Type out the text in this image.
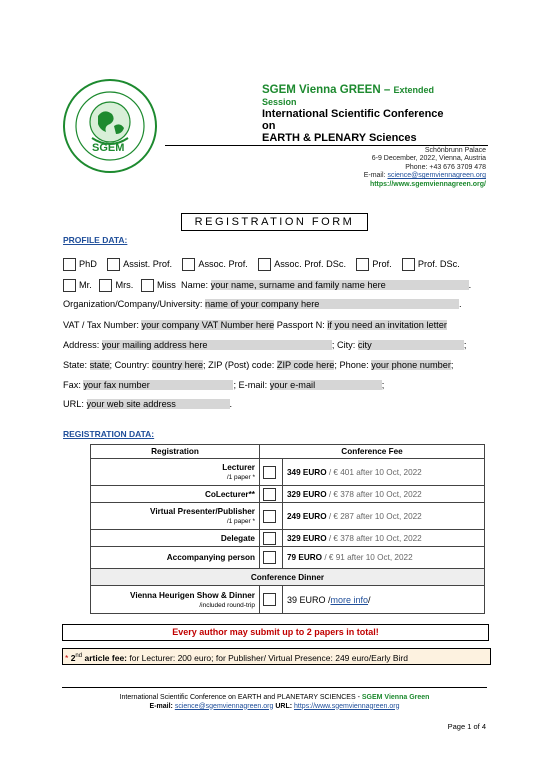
SGEM
SGEM Vienna GREEN – Extended
Session
International Scientific Conference
on
EARTH & PLENARY Sciences
Schönbrunn Palace
6-9 December, 2022, Vienna, Austria
Phone: +43 676 3709 478
E-mail: science@sgemviennagreen.org
https://www.sgemviennagreen.org/
REGISTRATION FORM
PROFILE DATA:
PhD	Assist. Prof.	Assoc. Prof.	Assoc. Prof. DSc.	Prof.	Prof. DSc.
Mr.	Mrs.	Miss Name: your name, surname and family name here	.
Organization/Company/University: name of your company here	.
VAT / Tax Number: your company VAT Number here Passport N: if you need an invitation letter
Address: your mailing address here	; City: city	;
State: state; Country: country here; ZIP (Post) code: ZIP code here; Phone: your phone number;
Fax: your fax number	; E-mail: your e-mail	;
URL: your web site address	.
REGISTRATION DATA:
Registration	Conference Fee	
Lecturer
/1 paper *		349 EURO / € 401 after 10 Oct, 2022
CoLecturer**		329 EURO / € 378 after 10 Oct, 2022
Virtual Presenter/Publisher
/1 paper *		249 EURO / € 287 after 10 Oct, 2022
Delegate		329 EURO / € 378 after 10 Oct, 2022
Accompanying person		79 EURO / € 91 after 10 Oct, 2022
Conference Dinner		
Vienna Heurigen Show & Dinner
/included round-trip		39 EURO /more info/
Every author may submit up to 2 papers in total!
* 2nd article fee: for Lecturer: 200 euro; for Publisher/ Virtual Presence: 249 euro/Early Bird
International Scientific Conference on EARTH and PLANETARY SCIENCES - SGEM Vienna Green
E-mail: science@sgemviennagreen.org URL: https://www.sgemviennagreen.org
Page 1 of 4
